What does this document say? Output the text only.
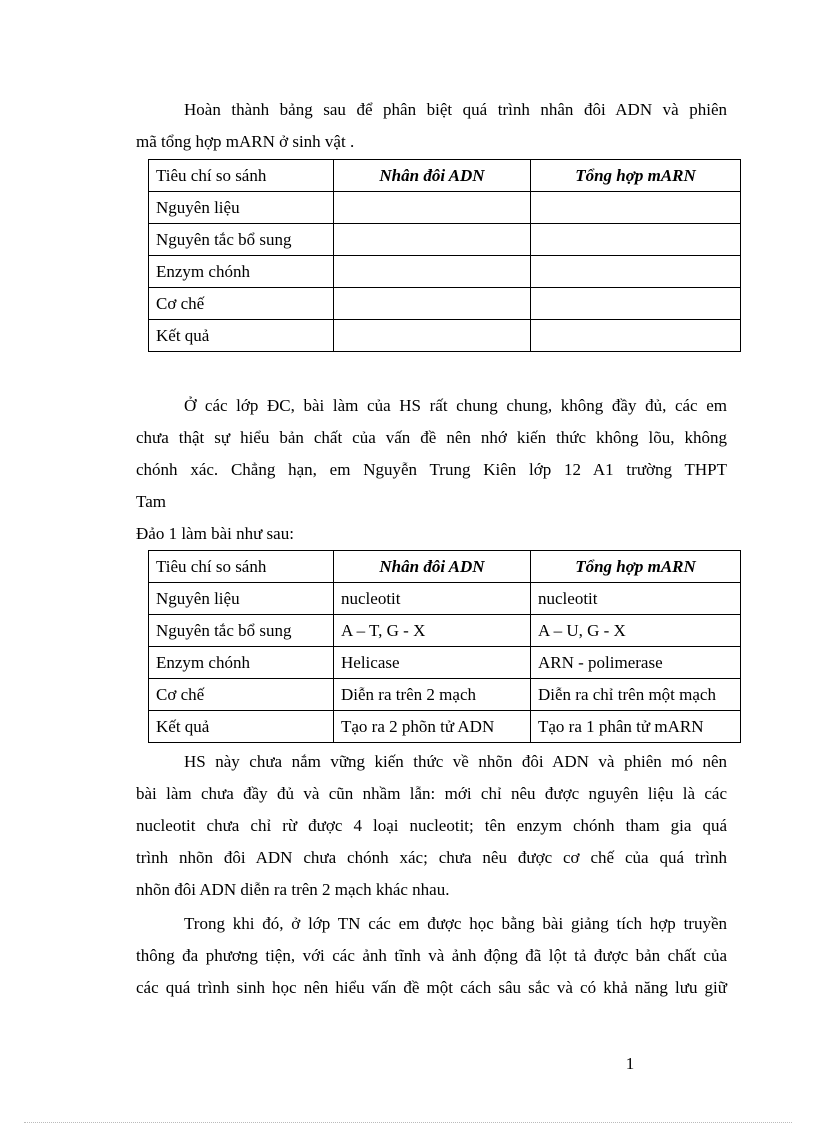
Hoàn thành bảng sau để phân biệt quá trình nhân đôi ADN và phiên
mã tổng hợp mARN ở sinh vật .
Tiêu chí so sánh	Nhân đôi ADN	Tổng hợp mARN
Nguyên liệu		
Nguyên tắc bổ sung		
Enzym chónh		
Cơ chế		
Kết quả		
Ở các lớp ĐC, bài làm của HS rất chung chung, không đầy đủ, các em
chưa thật sự hiểu bản chất của vấn đề nên nhớ kiến thức không lõu, không
chónh xác. Chẳng hạn, em Nguyễn Trung Kiên lớp 12 A1 trường THPT
Tam
Đảo 1 làm bài như sau:
Tiêu chí so sánh	Nhân đôi ADN	Tổng hợp mARN
Nguyên liệu	nucleotit	nucleotit
Nguyên tắc bổ sung	A – T, G - X	A – U, G - X
Enzym chónh	Helicase	ARN - polimerase
Cơ chế	Diễn ra trên 2 mạch	Diễn ra chỉ trên một mạch
Kết quả	Tạo ra 2 phõn tử ADN	Tạo ra 1 phân tử mARN
HS này chưa nắm vững kiến thức về nhõn đôi ADN và phiên mó nên
bài làm chưa đầy đủ và cũn nhầm lẫn: mới chỉ nêu được nguyên liệu là các
nucleotit chưa chỉ rừ được 4 loại nucleotit; tên enzym chónh tham gia quá
trình nhõn đôi ADN chưa chónh xác; chưa nêu được cơ chế của quá trình
nhõn đôi ADN diễn ra trên 2 mạch khác nhau.
Trong khi đó, ở lớp TN các em được học bằng bài giảng tích hợp truyền
thông đa phương tiện, với các ảnh tĩnh và ảnh động đã lột tả được bản chất của
các quá trình sinh học nên hiểu vấn đề một cách sâu sắc và có khả năng lưu giữ
1
